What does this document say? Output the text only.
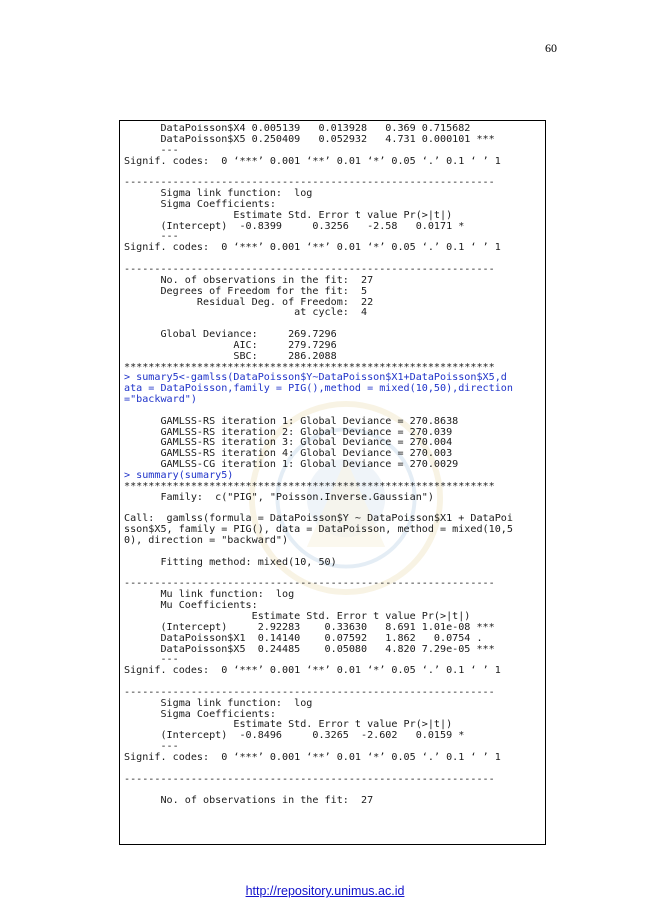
60
DataPoisson$X4 0.005139   0.013928   0.369 0.715682
DataPoisson$X5 0.250409   0.052932   4.731 0.000101 ***
---
Signif. codes:  0 ‘***’ 0.001 ‘**’ 0.01 ‘*’ 0.05 ‘.’ 0.1 ‘ ’ 1
-------------------------------------------------------------
Sigma link function:  log
Sigma Coefficients:
Estimate Std. Error t value Pr(>|t|)
(Intercept)  -0.8399     0.3256   -2.58   0.0171 *
---
Signif. codes:  0 ‘***’ 0.001 ‘**’ 0.01 ‘*’ 0.05 ‘.’ 0.1 ‘ ’ 1
-------------------------------------------------------------
No. of observations in the fit:  27
Degrees of Freedom for the fit:  5
Residual Deg. of Freedom:  22
at cycle:  4
Global Deviance:     269.7296
AIC:     279.7296
SBC:     286.2088
*************************************************************
> sumary5<-gamlss(DataPoisson$Y~DataPoisson$X1+DataPoisson$X5,d
ata = DataPoisson,family = PIG(),method = mixed(10,50),direction
="backward")
GAMLSS-RS iteration 1: Global Deviance = 270.8638
GAMLSS-RS iteration 2: Global Deviance = 270.039
GAMLSS-RS iteration 3: Global Deviance = 270.004
GAMLSS-RS iteration 4: Global Deviance = 270.003
GAMLSS-CG iteration 1: Global Deviance = 270.0029
> summary(sumary5)
*************************************************************
Family:  c("PIG", "Poisson.Inverse.Gaussian")
Call:  gamlss(formula = DataPoisson$Y ~ DataPoisson$X1 + DataPoi
sson$X5, family = PIG(), data = DataPoisson, method = mixed(10,5
0), direction = "backward")
Fitting method: mixed(10, 50)
-------------------------------------------------------------
Mu link function:  log
Mu Coefficients:
Estimate Std. Error t value Pr(>|t|)
(Intercept)     2.92283    0.33630   8.691 1.01e-08 ***
DataPoisson$X1  0.14140    0.07592   1.862   0.0754 .
DataPoisson$X5  0.24485    0.05080   4.820 7.29e-05 ***
---
Signif. codes:  0 ‘***’ 0.001 ‘**’ 0.01 ‘*’ 0.05 ‘.’ 0.1 ‘ ’ 1
-------------------------------------------------------------
Sigma link function:  log
Sigma Coefficients:
Estimate Std. Error t value Pr(>|t|)
(Intercept)  -0.8496     0.3265  -2.602   0.0159 *
---
Signif. codes:  0 ‘***’ 0.001 ‘**’ 0.01 ‘*’ 0.05 ‘.’ 0.1 ‘ ’ 1
-------------------------------------------------------------
No. of observations in the fit:  27
http://repository.unimus.ac.id
